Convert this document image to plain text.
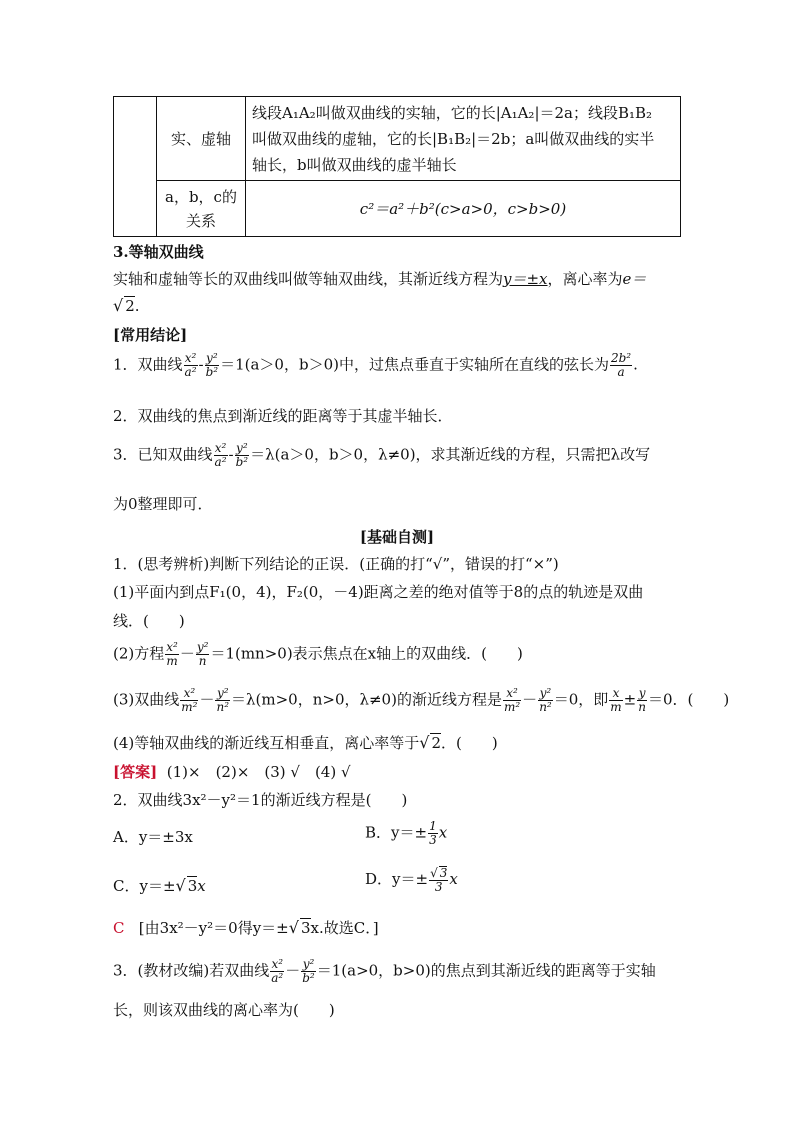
	实、虚轴	线段A₁A₂叫做双曲线的实轴，它的长|A₁A₂|＝2a；线段B₁B₂
叫做双曲线的虚轴，它的长|B₁B₂|＝2b；a叫做双曲线的实半
轴长，b叫做双曲线的虚半轴长

	a，b，c的
关系	c²＝a²＋b²(c>a>0，c>b>0)
3.等轴双曲线
实轴和虚轴等长的双曲线叫做等轴双曲线，其渐近线方程为y＝±x，离心率为e＝
√ 2.
[常用结论]
1．双曲线 $\frac{\text{x²}}{\text{a²}} - \frac{\text{y²}}{\text{b²}} =1(a>0$，b＞0)中，过焦点垂直于实轴所在直线的弦长为 $\frac{\text{2b²}}{a}$ .
2．双曲线的焦点到渐近线的距离等于其虚半轴长．
3．已知双曲线 $\frac{\text{x²}}{\text{a²}} - \frac{\text{y²}}{\text{b²}} =\lambda(a>0$，b＞0，λ≠0)，求其渐近线的方程，只需把λ改写
为0整理即可．
[基础自测]
1．(思考辨析)判断下列结论的正误．(正确的打“√”，错误的打“×”)
(1)平面内到点F₁(0，4)，F₂(0，－4)距离之差的绝对值等于8的点的轨迹是双曲
线．(　　)
(2)方程 $\frac{\text{x²}}{m} - \frac{\text{y²}}{n} =1(mn>0)$表示焦点在x轴上的双曲线．(　　)
(3)双曲线 $\frac{\text{x²}}{\text{m²}} - \frac{\text{y²}}{\text{n²}} =\lambda(m>0$，n>0，λ≠0)的渐近线方程是 $\frac{\text{x²}}{\text{m²}} - \frac{\text{y²}}{\text{n²}} =0$，即 $\frac{x}{m} \pm \frac{y}{n} =0$．(　　)
(4)等轴双曲线的渐近线互相垂直，离心率等于√ 2．(　　)
[答案] (1)×　(2)×　(3) √　(4) √
2．双曲线3x²－y²＝1的渐近线方程是(　　)
A．y＝±3x	B．$y=\pm \frac{1}{3}$ x
C．y＝±√ 3x	D．$y=\pm \frac{√ 3}{3}$ x
C [由3x²－y²＝0得y＝±√ 3x.故选C．]
3．(教材改编)若双曲线 $\frac{\text{x²}}{\text{a²}} - \frac{\text{y²}}{\text{b²}} =1(a>0$，b>0)的焦点到其渐近线的距离等于实轴
长，则该双曲线的离心率为(　　)
